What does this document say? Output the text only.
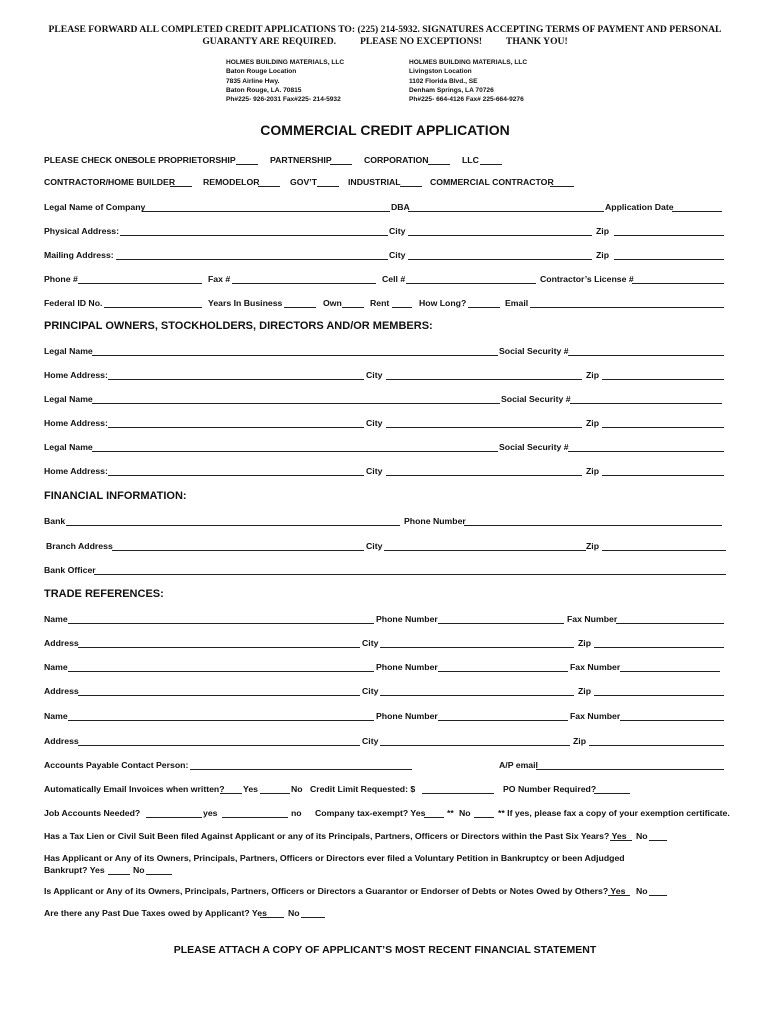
PLEASE FORWARD ALL COMPLETED CREDIT APPLICATIONS TO: (225) 214-5932. SIGNATURES ACCEPTING TERMS OF PAYMENT AND PERSONAL
GUARANTY ARE REQUIRED.          PLEASE NO EXCEPTIONS!          THANK YOU!
HOLMES BUILDING MATERIALS, LLC
Baton Rouge Location
7835 Airline Hwy.
Baton Rouge, LA. 70815
Ph#225- 926-2031 Fax#225- 214-5932
HOLMES BUILDING MATERIALS, LLC
Livingston Location
1102 Florida Blvd., SE
Denham Springs, LA 70726
Ph#225- 664-4126 Fax# 225-664-9276
COMMERCIAL CREDIT APPLICATION
PLEASE CHECK ONE:
SOLE PROPRIETORSHIP	PARTNERSHIP	CORPORATION	LLC
CONTRACTOR/HOME BUILDER	REMODELOR	GOV’T	INDUSTRIAL	COMMERCIAL CONTRACTOR
Legal Name of Company	DBA	Application Date
Physical Address:	City	Zip
Mailing Address:	City	Zip
Phone #	Fax #	Cell #	Contractor’s License #
Federal ID No.	Years In Business	Own	Rent	How Long?	Email
PRINCIPAL OWNERS, STOCKHOLDERS, DIRECTORS AND/OR MEMBERS:
Legal Name	Social Security #
Home Address:	City	Zip
Legal Name	Social Security #
Home Address:	City	Zip
Legal Name	Social Security #
Home Address:	City	Zip
FINANCIAL INFORMATION:
Bank	Phone Number
Branch Address	City	Zip
Bank Officer
TRADE REFERENCES:
Name	Phone Number	Fax Number
Address	City	Zip
Name	Phone Number	Fax Number
Address	City	Zip
Name	Phone Number	Fax Number
Address	City	Zip
Accounts Payable Contact Person:	A/P email
Automatically Email Invoices when written? Yes	No Credit Limit Requested: $	PO Number Required?
Job Accounts Needed?	yes	no Company tax-exempt? Yes ** No	** If yes, please fax a copy of your exemption certificate.
Has a Tax Lien or Civil Suit Been filed Against Applicant or any of its Principals, Partners, Officers or Directors within the Past Six Years? Yes No
Has Applicant or Any of its Owners, Principals, Partners, Officers or Directors ever filed a Voluntary Petition in Bankruptcy or been Adjudged
Bankrupt? Yes	No
Is Applicant or Any of its Owners, Principals, Partners, Officers or Directors a Guarantor or Endorser of Debts or Notes Owed by Others? Yes No
Are there any Past Due Taxes owed by Applicant? Yes No
PLEASE ATTACH A COPY OF APPLICANT’S MOST RECENT FINANCIAL STATEMENT
